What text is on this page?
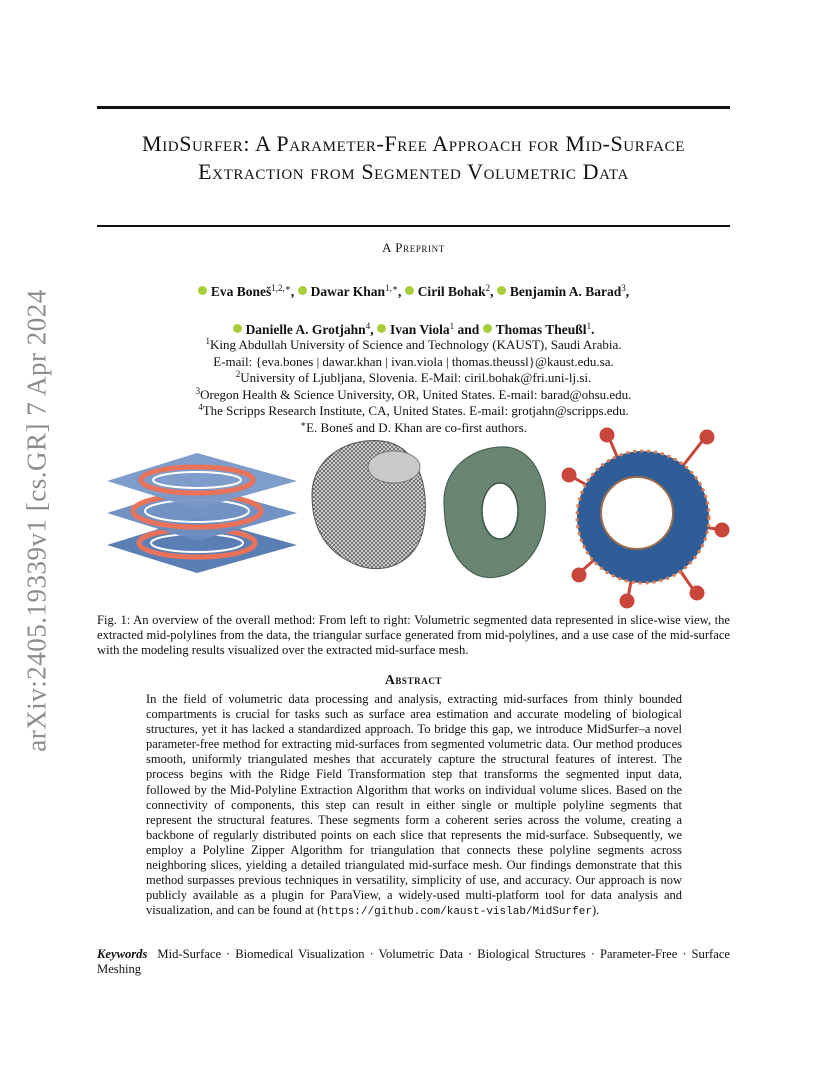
arXiv:2405.19339v1 [cs.GR] 7 Apr 2024
MidSurfer: A Parameter-Free Approach for Mid-Surface Extraction from Segmented Volumetric Data
A Preprint
Eva Boneš$^{1,2,∗}$, Dawar Khan$^{1,∗}$, Ciril Bohak$^2$, Benjamin A. Barad$^3$,
Danielle A. Grotjahn$^4$, Ivan Viola$^1$ and Thomas Theußl$^1$.
$^1$King Abdullah University of Science and Technology (KAUST), Saudi Arabia.
E-mail: {eva.bones | dawar.khan | ivan.viola | thomas.theussl}@kaust.edu.sa.
$^2$University of Ljubljana, Slovenia. E-Mail: ciril.bohak@fri.uni-lj.si.
$^3$Oregon Health & Science University, OR, United States. E-mail: barad@ohsu.edu.
$^4$The Scripps Research Institute, CA, United States. E-mail: grotjahn@scripps.edu.
∗E. Boneš and D. Khan are co-first authors.
Fig. 1: An overview of the overall method: From left to right: Volumetric segmented data represented in slice-wise view, the extracted mid-polylines from the data, the triangular surface generated from mid-polylines, and a use case of the mid-surface with the modeling results visualized over the extracted mid-surface mesh.
Abstract
In the field of volumetric data processing and analysis, extracting mid-surfaces from thinly bounded compartments is crucial for tasks such as surface area estimation and accurate modeling of biological structures, yet it has lacked a standardized approach. To bridge this gap, we introduce MidSurfer–a novel parameter-free method for extracting mid-surfaces from segmented volumetric data. Our method produces smooth, uniformly triangulated meshes that accurately capture the structural features of interest. The process begins with the Ridge Field Transformation step that transforms the segmented input data, followed by the Mid-Polyline Extraction Algorithm that works on individual volume slices. Based on the connectivity of components, this step can result in either single or multiple polyline segments that represent the structural features. These segments form a coherent series across the volume, creating a backbone of regularly distributed points on each slice that represents the mid-surface. Subsequently, we employ a Polyline Zipper Algorithm for triangulation that connects these polyline segments across neighboring slices, yielding a detailed triangulated mid-surface mesh. Our findings demonstrate that this method surpasses previous techniques in versatility, simplicity of use, and accuracy. Our approach is now publicly available as a plugin for ParaView, a widely-used multi-platform tool for data analysis and visualization, and can be found at (https://github.com/kaust-vislab/MidSurfer).
Keywords Mid-Surface · Biomedical Visualization · Volumetric Data · Biological Structures · Parameter-Free · Surface Meshing
